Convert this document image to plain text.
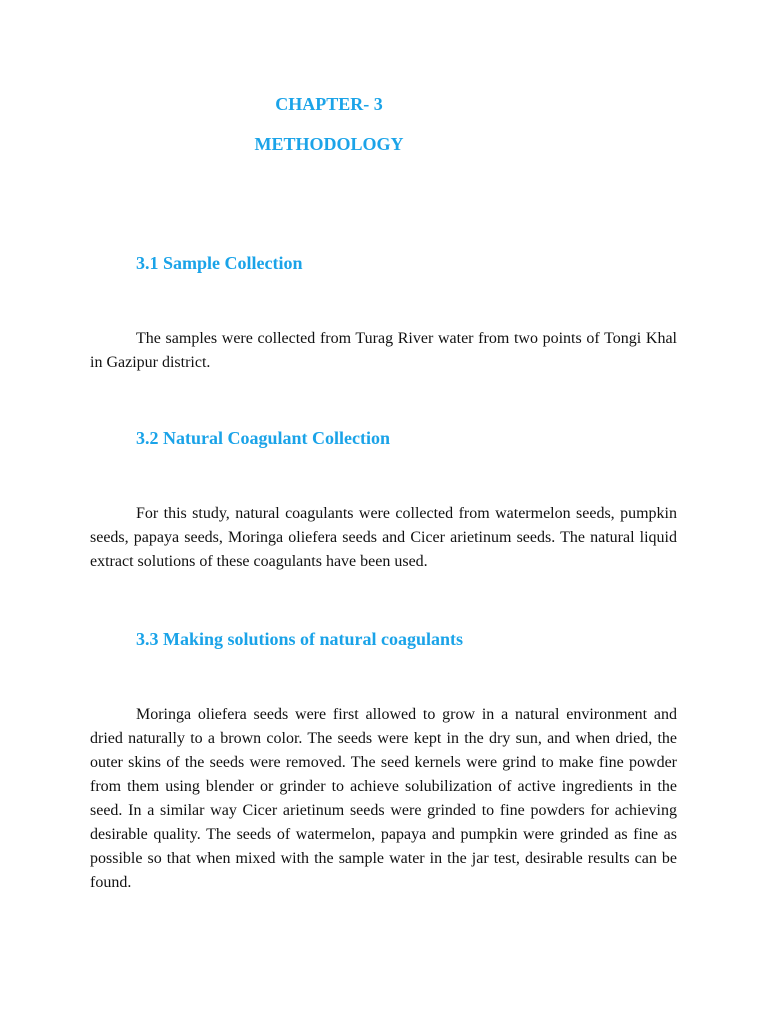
CHAPTER- 3
METHODOLOGY
3.1 Sample Collection

The samples were collected from Turag River water from two points of Tongi Khal in Gazipur district.

3.2 Natural Coagulant Collection

For this study, natural coagulants were collected from watermelon seeds, pumpkin seeds, papaya seeds, Moringa oliefera seeds and Cicer arietinum seeds. The natural liquid extract solutions of these coagulants have been used.

3.3 Making solutions of natural coagulants

Moringa oliefera seeds were first allowed to grow in a natural environment and dried naturally to a brown color. The seeds were kept in the dry sun, and when dried, the outer skins of the seeds were removed. The seed kernels were grind to make fine powder from them using blender or grinder to achieve solubilization of active ingredients in the seed. In a similar way Cicer arietinum seeds were grinded to fine powders for achieving desirable quality. The seeds of watermelon, papaya and pumpkin were grinded as fine as possible so that when mixed with the sample water in the jar test, desirable results can be found.
